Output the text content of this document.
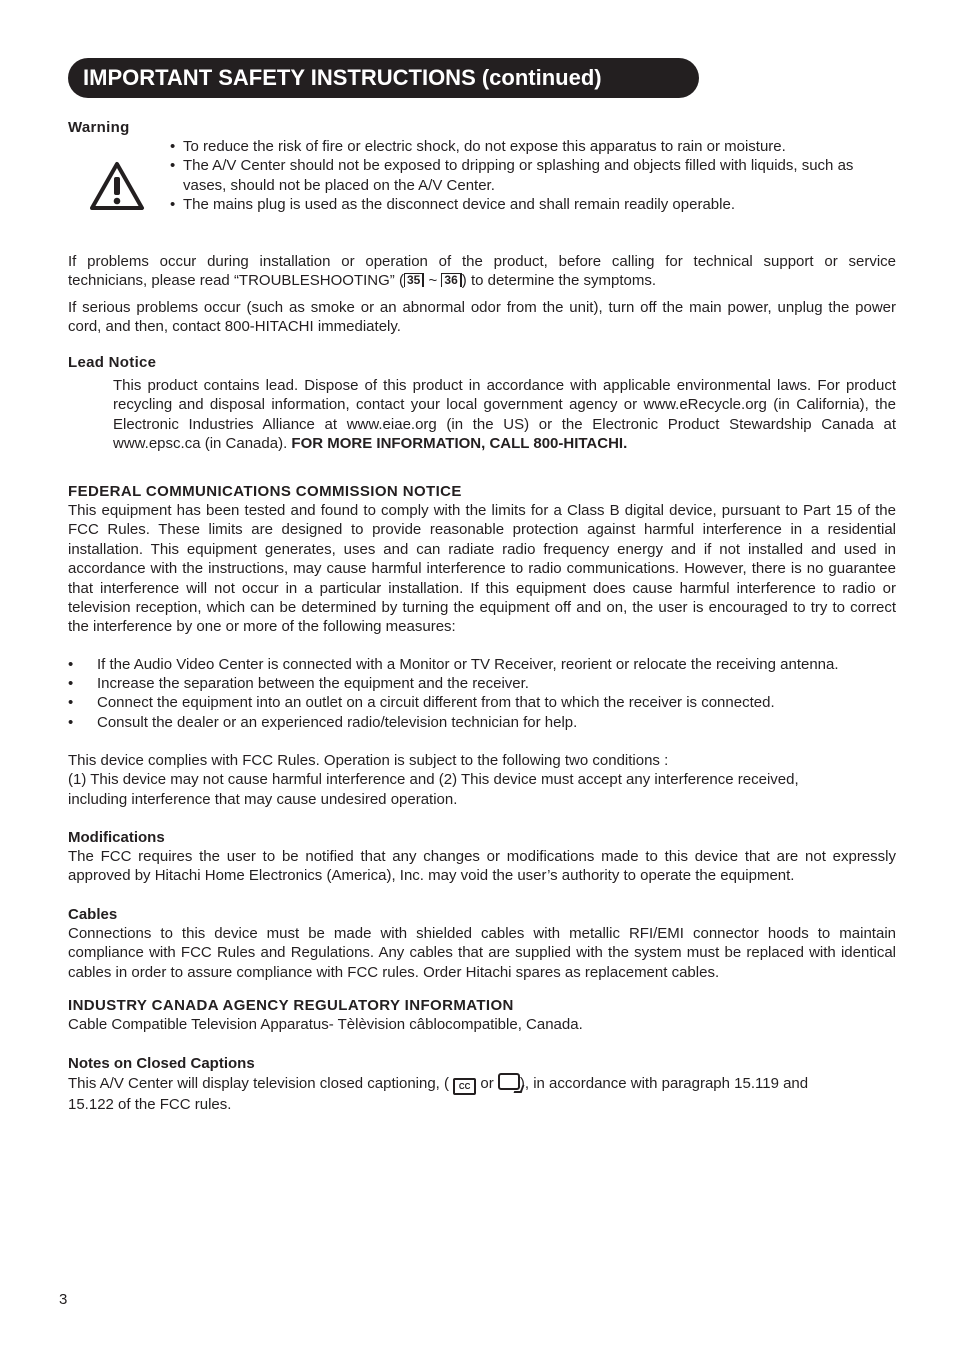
IMPORTANT SAFETY INSTRUCTIONS (continued)
Warning
• To reduce the risk of fire or electric shock, do not expose this apparatus to rain or moisture.
• The A/V Center should not be exposed to dripping or splashing and objects filled with liquids, such as
vases, should not be placed on the A/V Center.
• The mains plug is used as the disconnect device and shall remain readily operable.
If problems occur during installation or operation of the product, before calling for technical support or service
technicians, please read “TROUBLESHOOTING” ( 35 ~ 36 ) to determine the symptoms.
If serious problems occur (such as smoke or an abnormal odor from the unit), turn off the main power, unplug the power cord, and then, contact 800-HITACHI immediately.
Lead Notice
This product contains lead. Dispose of this product in accordance with applicable environmental laws. For product recycling and disposal information, contact your local government agency or www.eRecycle.org (in California), the Electronic Industries Alliance at www.eiae.org (in the US) or the Electronic Product Stewardship Canada at www.epsc.ca (in Canada). FOR MORE INFORMATION, CALL 800-HITACHI.
FEDERAL COMMUNICATIONS COMMISSION NOTICE
This equipment has been tested and found to comply with the limits for a Class B digital device, pursuant to Part 15 of the FCC Rules. These limits are designed to provide reasonable protection against harmful interference in a residential installation. This equipment generates, uses and can radiate radio frequency energy and if not installed and used in accordance with the instructions, may cause harmful interference to radio communications. However, there is no guarantee that interference will not occur in a particular installation. If this equipment does cause harmful interference to radio or television reception, which can be determined by turning the equipment off and on, the user is encouraged to try to correct the interference by one or more of the following measures:
• If the Audio Video Center is connected with a Monitor or TV Receiver, reorient or relocate the receiving antenna.
• Increase the separation between the equipment and the receiver.
• Connect the equipment into an outlet on a circuit different from that to which the receiver is connected.
• Consult the dealer or an experienced radio/television technician for help.
This device complies with FCC Rules. Operation is subject to the following two conditions :
(1) This device may not cause harmful interference and (2) This device must accept any interference received,
including interference that may cause undesired operation.
Modifications
The FCC requires the user to be notified that any changes or modifications made to this device that are not expressly approved by Hitachi Home Electronics (America), Inc. may void the user’s authority to operate the equipment.
Cables
Connections to this device must be made with shielded cables with metallic RFI/EMI connector hoods to maintain compliance with FCC Rules and Regulations. Any cables that are supplied with the system must be replaced with identical cables in order to assure compliance with FCC rules. Order Hitachi spares as replacement cables.
INDUSTRY CANADA AGENCY REGULATORY INFORMATION
Cable Compatible Television Apparatus- Tèlèvision câblocompatible, Canada.
Notes on Closed Captions
This A/V Center will display television closed captioning, ( CC or ), in accordance with paragraph 15.119 and
15.122 of the FCC rules.
3
